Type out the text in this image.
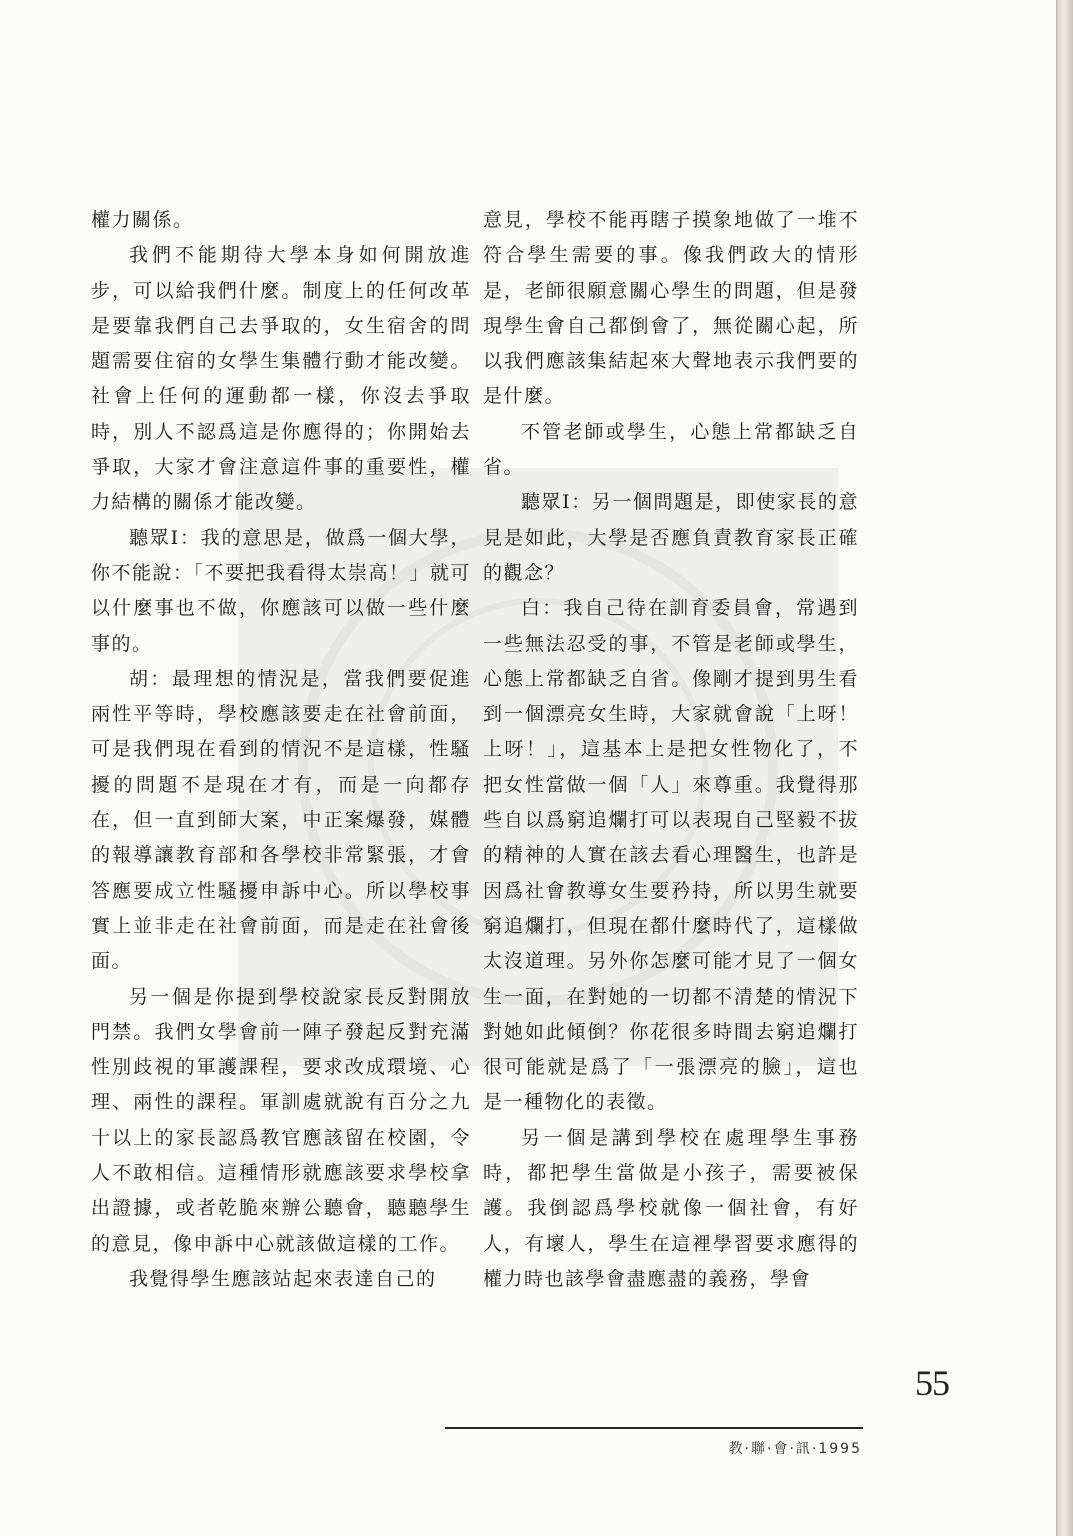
權力關係。

我們不能期待大學本身如何開放進步，可以給我們什麼。制度上的任何改革是要靠我們自己去爭取的，女生宿舍的問題需要住宿的女學生集體行動才能改變。社會上任何的運動都一樣，你沒去爭取時，別人不認爲這是你應得的；你開始去爭取，大家才會注意這件事的重要性，權力結構的關係才能改變。

聽眾I：我的意思是，做爲一個大學，你不能說：「不要把我看得太崇高！」就可以什麼事也不做，你應該可以做一些什麼事的。

胡：最理想的情況是，當我們要促進兩性平等時，學校應該要走在社會前面，可是我們現在看到的情況不是這樣，性騷擾的問題不是現在才有，而是一向都存在，但一直到師大案，中正案爆發，媒體的報導讓教育部和各學校非常緊張，才會答應要成立性騷擾申訴中心。所以學校事實上並非走在社會前面，而是走在社會後面。

另一個是你提到學校說家長反對開放門禁。我們女學會前一陣子發起反對充滿性別歧視的軍護課程，要求改成環境、心理、兩性的課程。軍訓處就說有百分之九十以上的家長認爲教官應該留在校園，令人不敢相信。這種情形就應該要求學校拿出證據，或者乾脆來辦公聽會，聽聽學生的意見，像申訴中心就該做這樣的工作。

我覺得學生應該站起來表達自己的

意見，學校不能再瞎子摸象地做了一堆不符合學生需要的事。像我們政大的情形是，老師很願意關心學生的問題，但是發現學生會自己都倒會了，無從關心起，所以我們應該集結起來大聲地表示我們要的是什麼。

不管老師或學生，心態上常都缺乏自省。

聽眾I：另一個問題是，即使家長的意見是如此，大學是否應負責教育家長正確的觀念？

白：我自己待在訓育委員會，常遇到一些無法忍受的事，不管是老師或學生，心態上常都缺乏自省。像剛才提到男生看到一個漂亮女生時，大家就會說「上呀！上呀！」，這基本上是把女性物化了，不把女性當做一個「人」來尊重。我覺得那些自以爲窮追爛打可以表現自己堅毅不拔的精神的人實在該去看心理醫生，也許是因爲社會教導女生要矜持，所以男生就要窮追爛打，但現在都什麼時代了，這樣做太沒道理。另外你怎麼可能才見了一個女生一面，在對她的一切都不清楚的情況下對她如此傾倒？你花很多時間去窮追爛打很可能就是爲了「一張漂亮的臉」，這也是一種物化的表徵。

另一個是講到學校在處理學生事務時，都把學生當做是小孩子，需要被保護。我倒認爲學校就像一個社會，有好人，有壞人，學生在這裡學習要求應得的權力時也該學會盡應盡的義務，學會

55
教·聯·會·訊·1995
